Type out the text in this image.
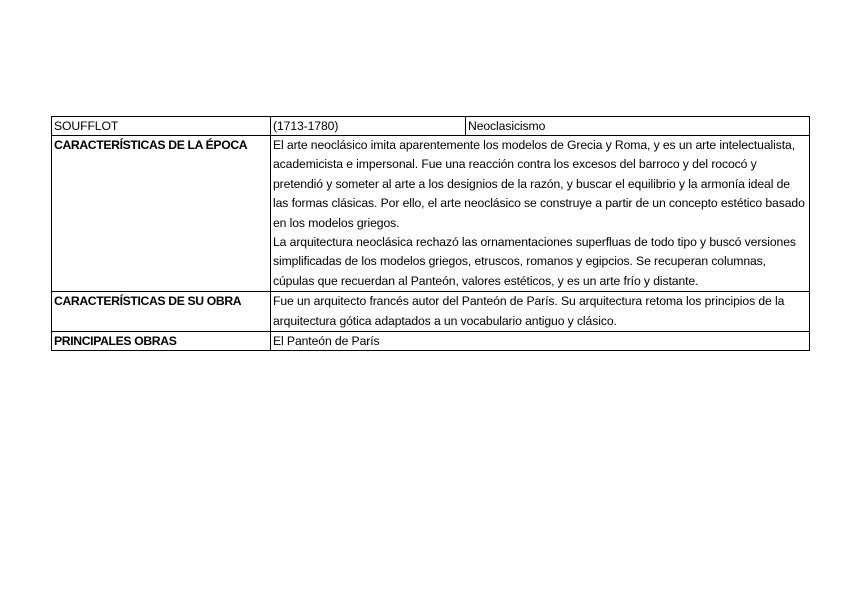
SOUFFLOT	(1713-1780)	Neoclasicismo
CARACTERÍSTICAS DE LA ÉPOCA	El arte neoclásico imita aparentemente los modelos de Grecia y Roma, y es un arte intelectualista, academicista e impersonal. Fue una reacción contra los excesos del barroco y del rococó y pretendió y someter al arte a los designios de la razón, y buscar el equilibrio y la armonía ideal de las formas clásicas. Por ello, el arte neoclásico se construye a partir de un concepto estético basado en los modelos griegos.
La arquitectura neoclásica rechazó las ornamentaciones superfluas de todo tipo y buscó versiones simplificadas de los modelos griegos, etruscos, romanos y egipcios. Se recuperan columnas, cúpulas que recuerdan al Panteón, valores estéticos, y es un arte frío y distante.	

CARACTERÍSTICAS DE SU OBRA	Fue un arquitecto francés autor del Panteón de París. Su arquitectura retoma los principios de la arquitectura gótica adaptados a un vocabulario antiguo y clásico.	
PRINCIPALES OBRAS	El Panteón de París	
